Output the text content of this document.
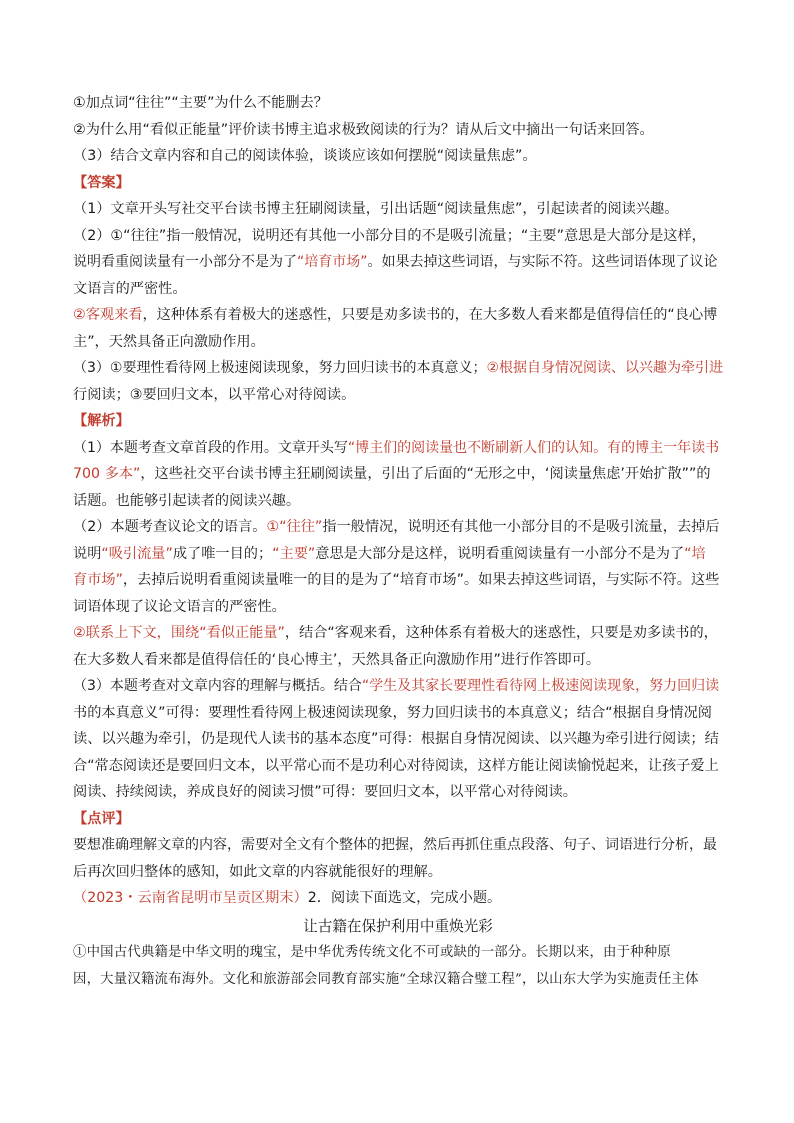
①加点词“往往”“主要”为什么不能删去？
②为什么用“看似正能量”评价读书博主追求极致阅读的行为？请从后文中摘出一句话来回答。
（3）结合文章内容和自己的阅读体验，谈谈应该如何摆脱“阅读量焦虑”。
【答案】
（1）文章开头写社交平台读书博主狂刷阅读量，引出话题“阅读量焦虑”，引起读者的阅读兴趣。
（2）①“往往”指一般情况，说明还有其他一小部分目的不是吸引流量；“主要”意思是大部分是这样，
说明看重阅读量有一小部分不是为了“培育市场”。如果去掉这些词语，与实际不符。这些词语体现了议论
文语言的严密性。
②客观来看，这种体系有着极大的迷惑性，只要是劝多读书的，在大多数人看来都是值得信任的“良心博
主”，天然具备正向激励作用。
（3）①要理性看待网上极速阅读现象，努力回归读书的本真意义；②根据自身情况阅读、以兴趣为牵引进
行阅读；③要回归文本，以平常心对待阅读。
【解析】
（1）本题考查文章首段的作用。文章开头写“博主们的阅读量也不断刷新人们的认知。有的博主一年读书
700 多本”，这些社交平台读书博主狂刷阅读量，引出了后面的“无形之中，‘阅读量焦虑’开始扩散””的
话题。也能够引起读者的阅读兴趣。
（2）本题考查议论文的语言。①“往往”指一般情况，说明还有其他一小部分目的不是吸引流量，去掉后
说明“吸引流量”成了唯一目的；“主要”意思是大部分是这样，说明看重阅读量有一小部分不是为了“培
育市场”，去掉后说明看重阅读量唯一的目的是为了“培育市场”。如果去掉这些词语，与实际不符。这些
词语体现了议论文语言的严密性。
②联系上下文，围绕“看似正能量”，结合“客观来看，这种体系有着极大的迷惑性，只要是劝多读书的，
在大多数人看来都是值得信任的‘良心博主’，天然具备正向激励作用”进行作答即可。
（3）本题考查对文章内容的理解与概括。结合“学生及其家长要理性看待网上极速阅读现象，努力回归读
书的本真意义”可得：要理性看待网上极速阅读现象，努力回归读书的本真意义；结合“根据自身情况阅
读、以兴趣为牵引，仍是现代人读书的基本态度”可得：根据自身情况阅读、以兴趣为牵引进行阅读；结
合“常态阅读还是要回归文本，以平常心而不是功利心对待阅读，这样方能让阅读愉悦起来，让孩子爱上
阅读、持续阅读，养成良好的阅读习惯”可得：要回归文本，以平常心对待阅读。
【点评】
要想准确理解文章的内容，需要对全文有个整体的把握，然后再抓住重点段落、句子、词语进行分析，最
后再次回归整体的感知，如此文章的内容就能很好的理解。
（2023・云南省昆明市呈贡区期末）2．阅读下面选文，完成小题。
让古籍在保护利用中重焕光彩
①中国古代典籍是中华文明的瑰宝，是中华优秀传统文化不可或缺的一部分。长期以来，由于种种原
因，大量汉籍流布海外。文化和旅游部会同教育部实施“全球汉籍合璧工程”，以山东大学为实施责任主体
